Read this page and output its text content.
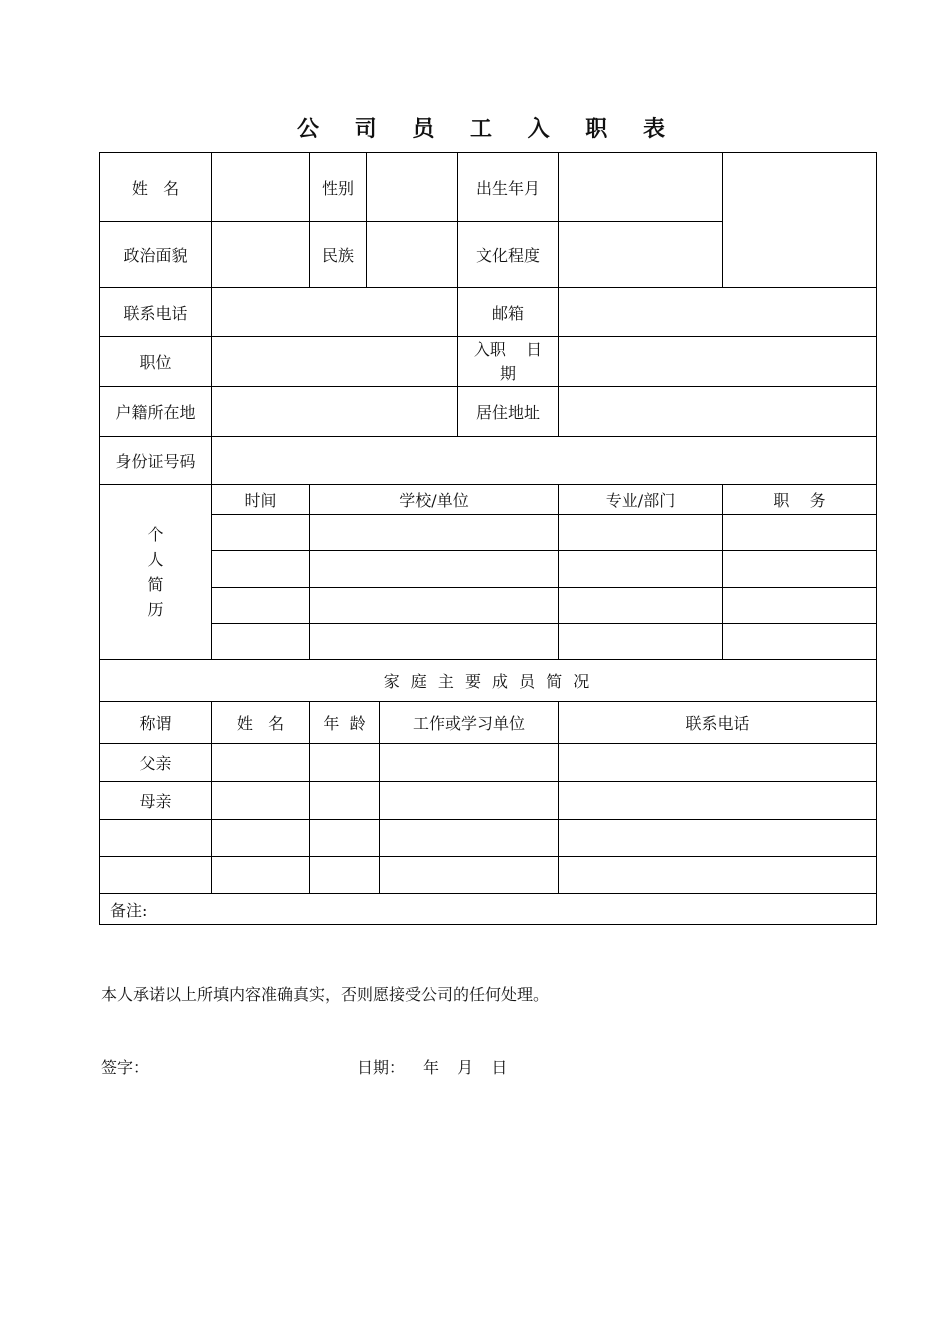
公 司 员 工 入 职 表
姓   名		性别			出生年月		
政治面貌		民族			文化程度		
联系电话					邮箱		
职位					入职    日期		
户籍所在地					居住地址		
身份证号码							

个人简历	时间	学校/单位				专业/部门	职    务

家 庭 主 要 成 员 简 况							
称谓	姓   名	年  龄		工作或学习单位		联系电话	
父亲							
母亲							

备注:							

本人承诺以上所填内容准确真实，否则愿接受公司的任何处理。

签字：	日期： 年  月  日
